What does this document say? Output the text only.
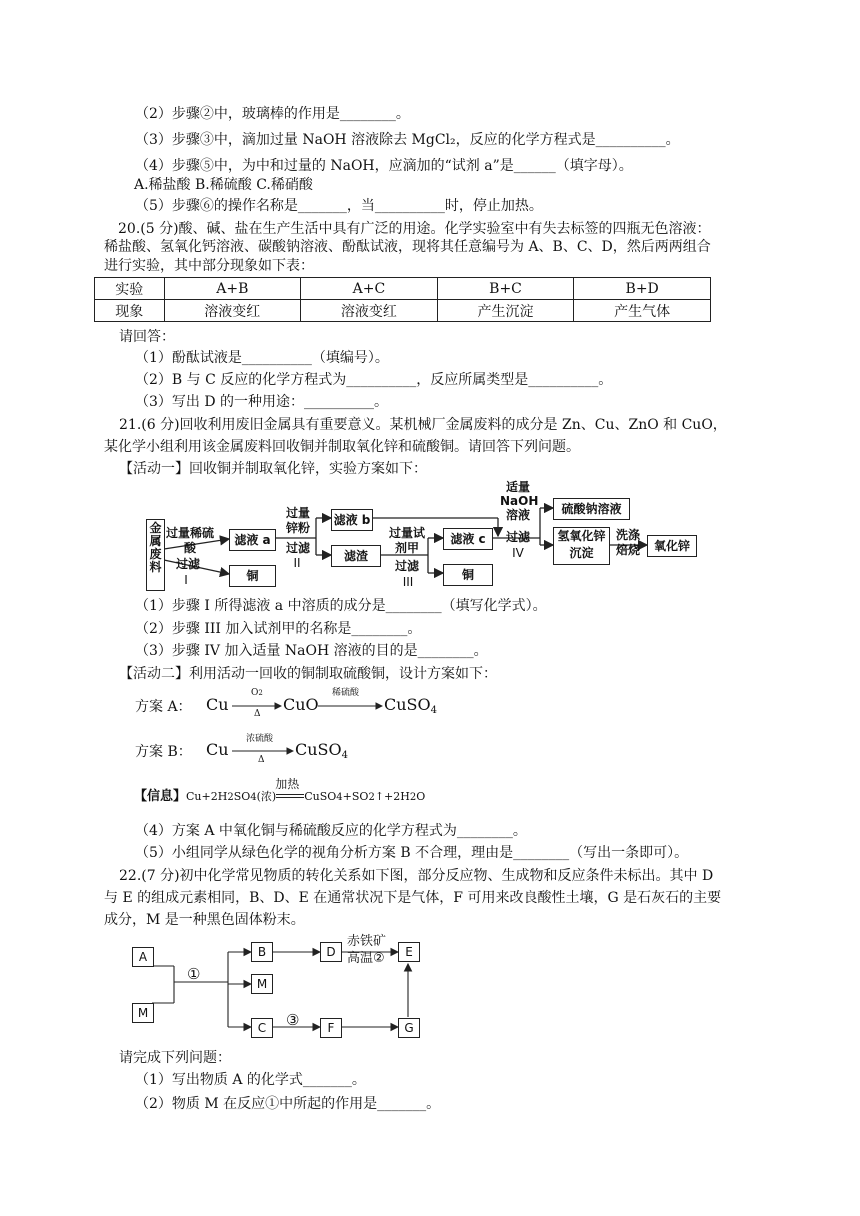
（2）步骤②中，玻璃棒的作用是________。
（3）步骤③中，滴加过量 NaOH 溶液除去 MgCl₂，反应的化学方程式是__________。
（4）步骤⑤中，为中和过量的 NaOH，应滴加的“试剂 a”是______（填字母）。
A.稀盐酸 B.稀硫酸 C.稀硝酸
（5）步骤⑥的操作名称是_______，当__________时，停止加热。
20.(5 分)酸、碱、盐在生产生活中具有广泛的用途。化学实验室中有失去标签的四瓶无色溶液：
稀盐酸、氢氧化钙溶液、碳酸钠溶液、酚酞试液，现将其任意编号为 A、B、C、D，然后两两组合
进行实验，其中部分现象如下表：
实验	A+B	A+C	B+C	B+D
现象	溶液变红	溶液变红	产生沉淀	产生气体
请回答：
（1）酚酞试液是__________（填编号）。
（2）B 与 C 反应的化学方程式为__________，反应所属类型是__________。
（3）写出 D 的一种用途：__________。
21.(6 分)回收利用废旧金属具有重要意义。某机械厂金属废料的成分是 Zn、Cu、ZnO 和 CuO，
某化学小组利用该金属废料回收铜并制取氧化锌和硫酸铜。请回答下列问题。
【活动一】回收铜并制取氧化锌，实验方案如下：
金属废料
过量稀硫酸
过滤
I
滤液 a
铜
过量锌粉
过滤
II
滤液 b
滤渣
过量试剂甲
过滤
III
滤液 c
铜
适量NaOH溶液
过滤
IV
硫酸钠溶液
氢氧化锌沉淀
洗涤焙烧	氧化锌
（1）步骤 I 所得滤液 a 中溶质的成分是________（填写化学式）。
（2）步骤 III 加入试剂甲的名称是________。
（3）步骤 IV 加入适量 NaOH 溶液的目的是________。
【活动二】利用活动一回收的铜制取硫酸铜，设计方案如下：
方案 A： Cu
O2
Δ CuO
稀硫酸
CuSO$_4$
方案 B： Cu
浓硫酸
Δ
CuSO$_4$
【信息】Cu+2H2SO4(浓)
加热
CuSO4+SO2↑+2H2O
（4）方案 A 中氧化铜与稀硫酸反应的化学方程式为________。
（5）小组同学从绿色化学的视角分析方案 B 不合理，理由是________（写出一条即可）。
22.(7 分)初中化学常见物质的转化关系如下图，部分反应物、生成物和反应条件未标出。其中 D
与 E 的组成元素相同，B、D、E 在通常状况下是气体，F 可用来改良酸性土壤，G 是石灰石的主要
成分，M 是一种黑色固体粉末。
A
M
B
M
C
D	E
F	G
①
赤铁矿
高温②
③
请完成下列问题：
（1）写出物质 A 的化学式_______。
（2）物质 M 在反应①中所起的作用是_______。
